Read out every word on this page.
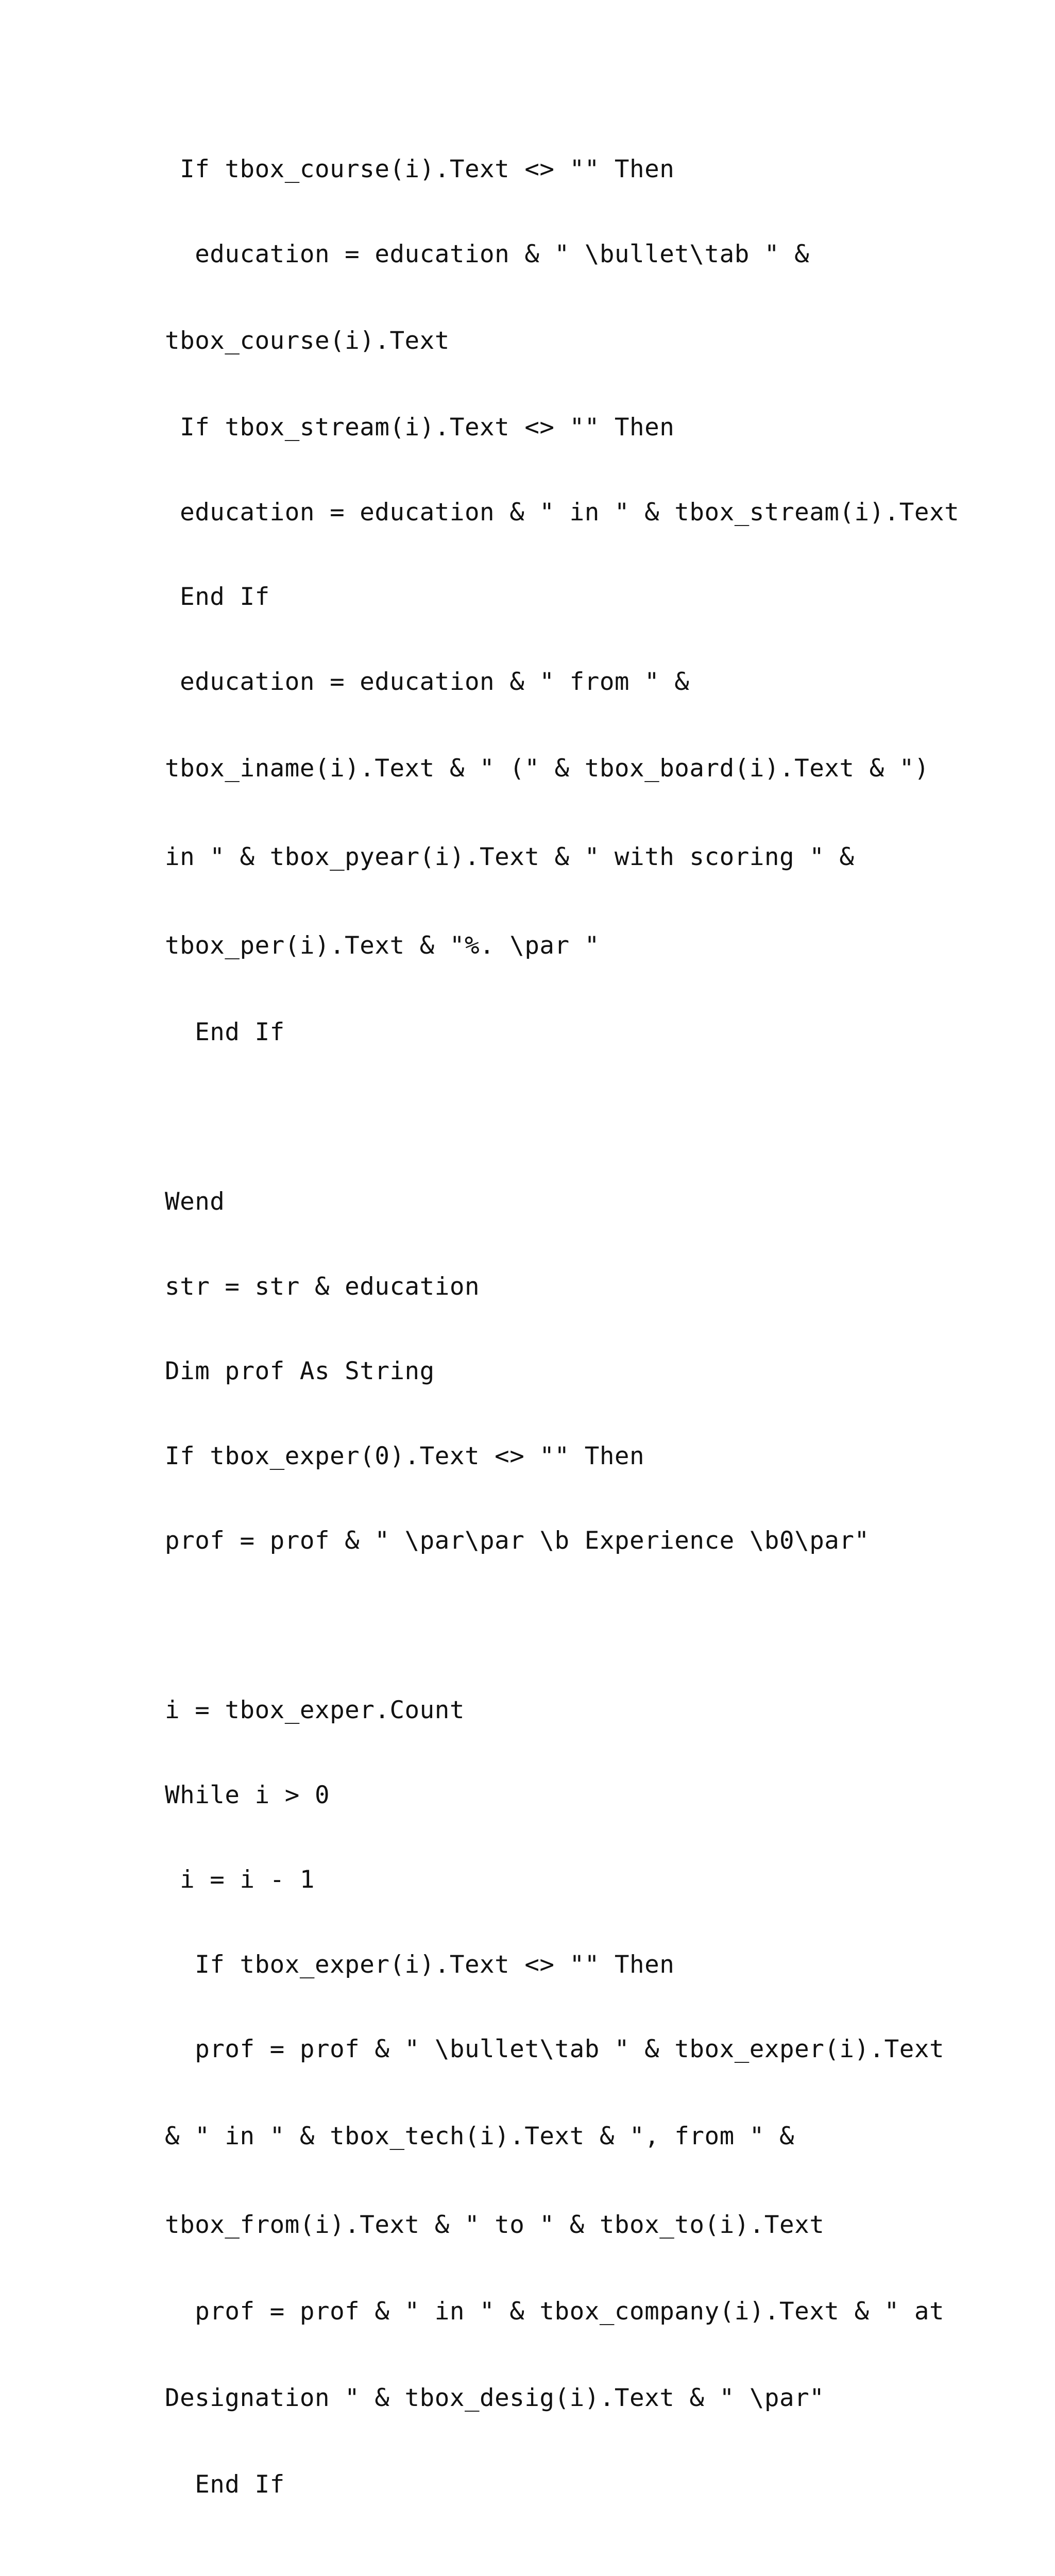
If tbox_course(i).Text <> "" Then

education = education & " \bullet\tab " &

tbox_course(i).Text

If tbox_stream(i).Text <> "" Then

education = education & " in " & tbox_stream(i).Text

End If

education = education & " from " &

tbox_iname(i).Text & " (" & tbox_board(i).Text & ")

in " & tbox_pyear(i).Text & " with scoring " &

tbox_per(i).Text & "%. \par "

End If

Wend

str = str & education

Dim prof As String

If tbox_exper(0).Text <> "" Then

prof = prof & " \par\par \b Experience \b0\par"

i = tbox_exper.Count

While i > 0

i = i - 1

If tbox_exper(i).Text <> "" Then

prof = prof & " \bullet\tab " & tbox_exper(i).Text

& " in " & tbox_tech(i).Text & ", from " &

tbox_from(i).Text & " to " & tbox_to(i).Text

prof = prof & " in " & tbox_company(i).Text & " at

Designation " & tbox_desig(i).Text & " \par"

End If
